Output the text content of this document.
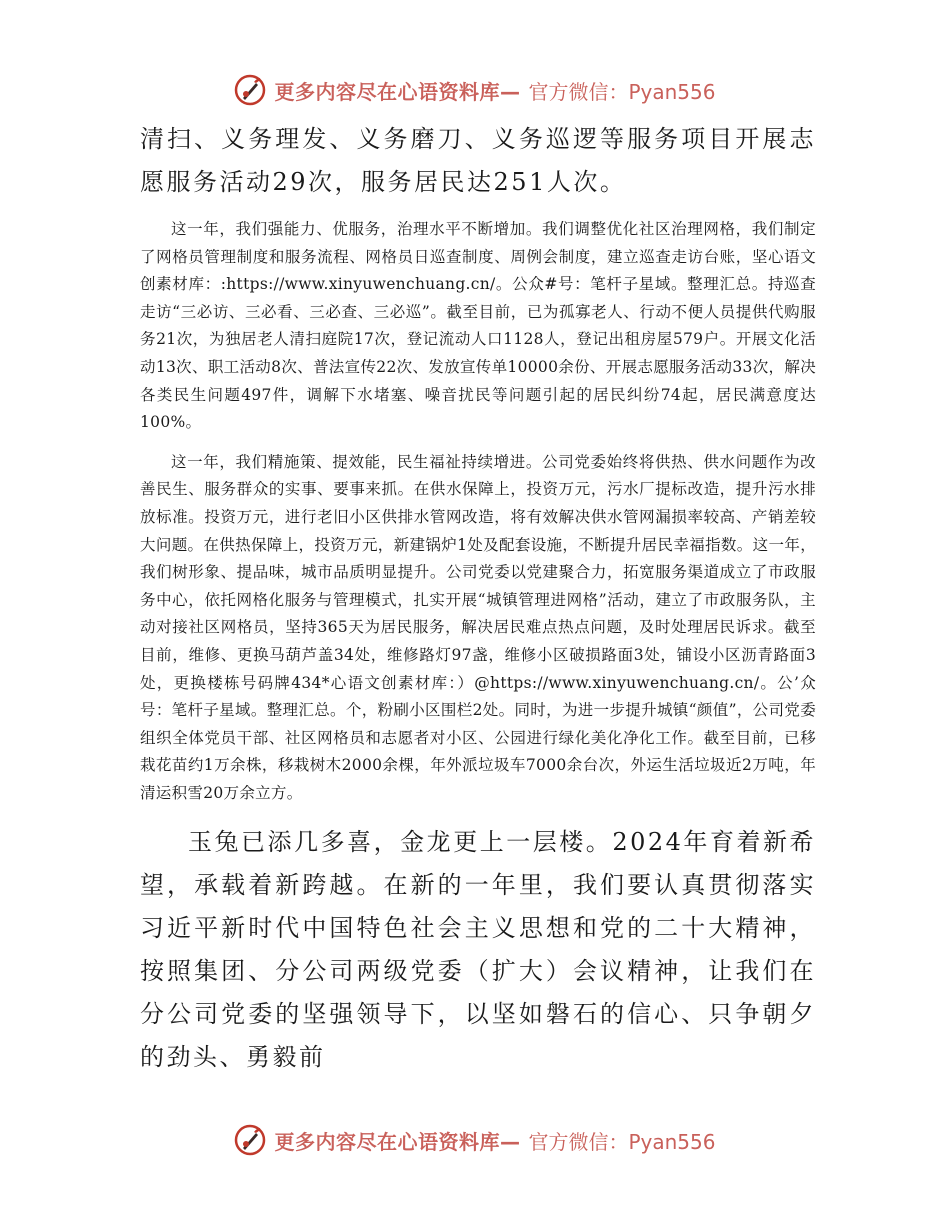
更多内容尽在心语资料库— 官方微信：Pyan556

清扫、义务理发、义务磨刀、义务巡逻等服务项目开展志愿服务活动29次，服务居民达251人次。

这一年，我们强能力、优服务，治理水平不断增加。我们调整优化社区治理网格，我们制定了网格员管理制度和服务流程、网格员日巡查制度、周例会制度，建立巡查走访台账，坚心语文创素材库：:https://www.xinyuwenchuang.cn/。公众#号：笔杆子星域。整理汇总。持巡查走访“三必访、三必看、三必查、三必巡”。截至目前，已为孤寡老人、行动不便人员提供代购服务21次，为独居老人清扫庭院17次，登记流动人口1128人，登记出租房屋579户。开展文化活动13次、职工活动8次、普法宣传22次、发放宣传单10000余份、开展志愿服务活动33次，解决各类民生问题497件，调解下水堵塞、噪音扰民等问题引起的居民纠纷74起，居民满意度达100%。

这一年，我们精施策、提效能，民生福祉持续增进。公司党委始终将供热、供水问题作为改善民生、服务群众的实事、要事来抓。在供水保障上，投资万元，污水厂提标改造，提升污水排放标准。投资万元，进行老旧小区供排水管网改造，将有效解决供水管网漏损率较高、产销差较大问题。在供热保障上，投资万元，新建锅炉1处及配套设施，不断提升居民幸福指数。这一年，我们树形象、提品味，城市品质明显提升。公司党委以党建聚合力，拓宽服务渠道成立了市政服务中心，依托网格化服务与管理模式，扎实开展“城镇管理进网格”活动，建立了市政服务队，主动对接社区网格员，坚持365天为居民服务，解决居民难点热点问题，及时处理居民诉求。截至目前，维修、更换马葫芦盖34处，维修路灯97盏，维修小区破损路面3处，铺设小区沥青路面3处，更换楼栋号码牌434*心语文创素材库：）@https://www.xinyuwenchuang.cn/。公’众号：笔杆子星域。整理汇总。个，粉刷小区围栏2处。同时，为进一步提升城镇“颜值”，公司党委组织全体党员干部、社区网格员和志愿者对小区、公园进行绿化美化净化工作。截至目前，已移栽花苗约1万余株，移栽树木2000余棵，年外派垃圾车7000余台次，外运生活垃圾近2万吨，年清运积雪20万余立方。

玉兔已添几多喜，金龙更上一层楼。2024年育着新希望，承载着新跨越。在新的一年里，我们要认真贯彻落实习近平新时代中国特色社会主义思想和党的二十大精神，按照集团、分公司两级党委（扩大）会议精神，让我们在分公司党委的坚强领导下，以坚如磐石的信心、只争朝夕的劲头、勇毅前

更多内容尽在心语资料库— 官方微信：Pyan556
